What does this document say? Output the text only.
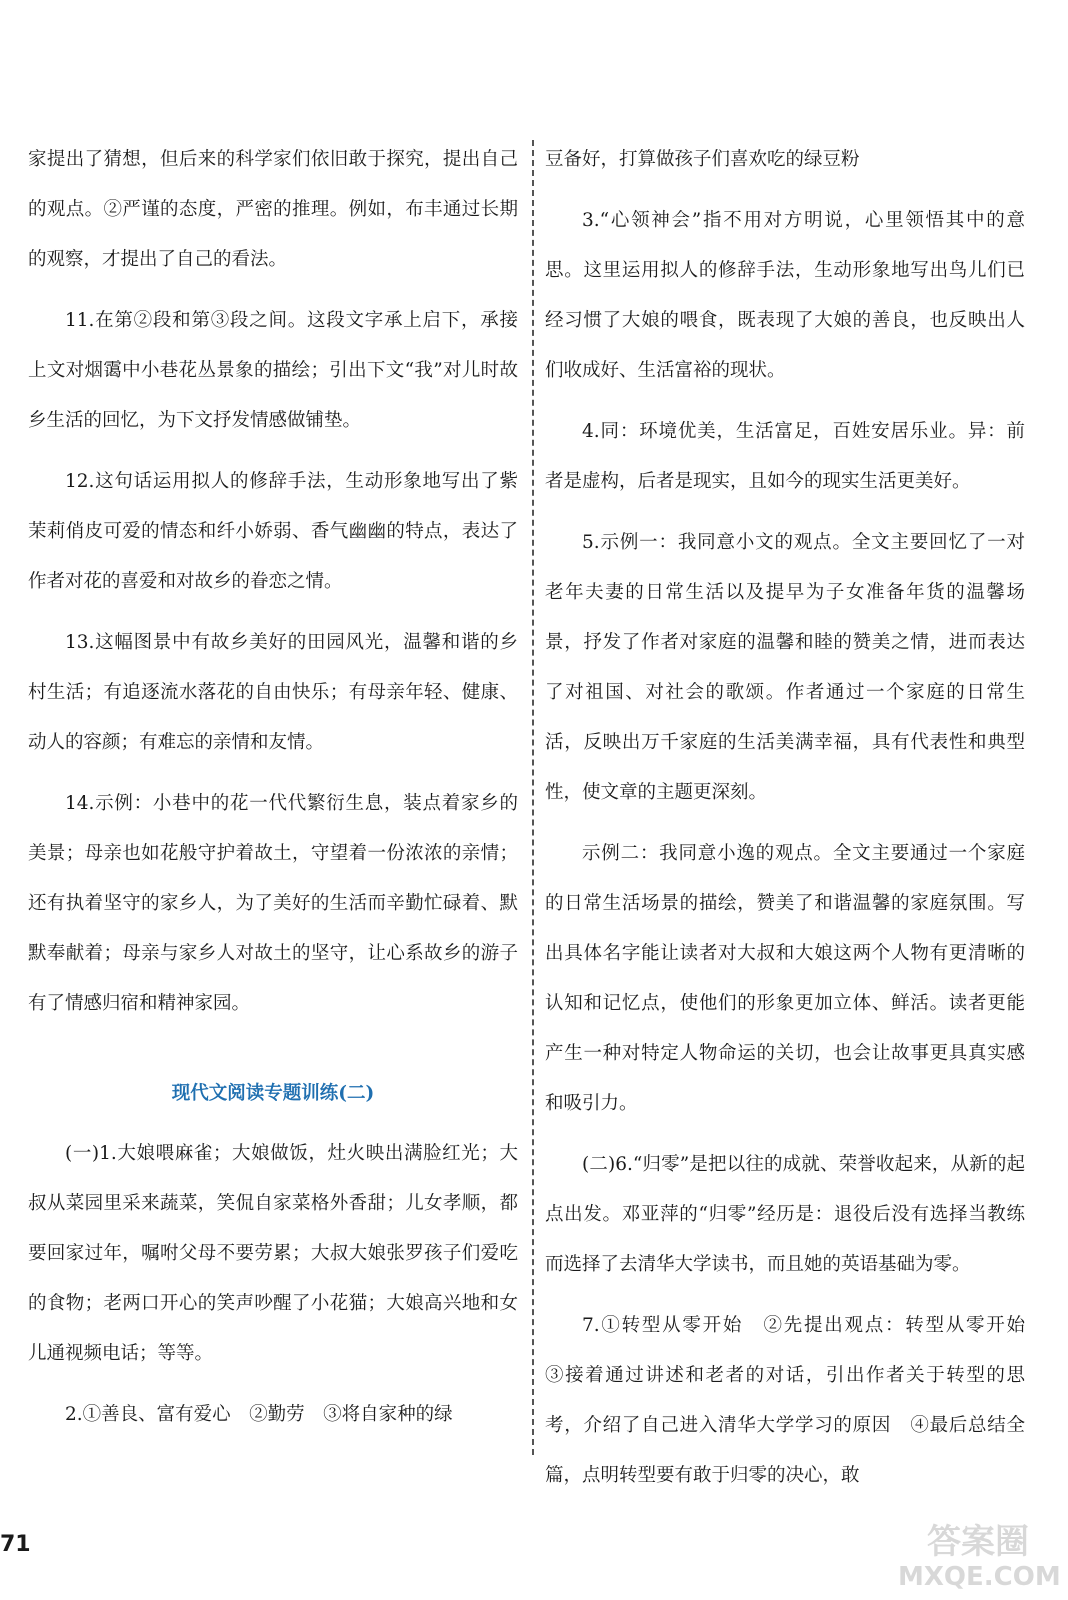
家提出了猜想，但后来的科学家们依旧敢于探究，提出自己的观点。②严谨的态度，严密的推理。例如，布丰通过长期的观察，才提出了自己的看法。

11.在第②段和第③段之间。这段文字承上启下，承接上文对烟霭中小巷花丛景象的描绘；引出下文“我”对儿时故乡生活的回忆，为下文抒发情感做铺垫。

12.这句话运用拟人的修辞手法，生动形象地写出了紫茉莉俏皮可爱的情态和纤小娇弱、香气幽幽的特点，表达了作者对花的喜爱和对故乡的眷恋之情。

13.这幅图景中有故乡美好的田园风光，温馨和谐的乡村生活；有追逐流水落花的自由快乐；有母亲年轻、健康、动人的容颜；有难忘的亲情和友情。

14.示例：小巷中的花一代代繁衍生息，装点着家乡的美景；母亲也如花般守护着故土，守望着一份浓浓的亲情；还有执着坚守的家乡人，为了美好的生活而辛勤忙碌着、默默奉献着；母亲与家乡人对故土的坚守，让心系故乡的游子有了情感归宿和精神家园。

现代文阅读专题训练(二)

(一)1.大娘喂麻雀；大娘做饭，灶火映出满脸红光；大叔从菜园里采来蔬菜，笑侃自家菜格外香甜；儿女孝顺，都要回家过年，嘱咐父母不要劳累；大叔大娘张罗孩子们爱吃的食物；老两口开心的笑声吵醒了小花猫；大娘高兴地和女儿通视频电话；等等。

2.①善良、富有爱心　②勤劳　③将自家种的绿

豆备好，打算做孩子们喜欢吃的绿豆粉

3.“心领神会”指不用对方明说，心里领悟其中的意思。这里运用拟人的修辞手法，生动形象地写出鸟儿们已经习惯了大娘的喂食，既表现了大娘的善良，也反映出人们收成好、生活富裕的现状。

4.同：环境优美，生活富足，百姓安居乐业。异：前者是虚构，后者是现实，且如今的现实生活更美好。

5.示例一：我同意小文的观点。全文主要回忆了一对老年夫妻的日常生活以及提早为子女准备年货的温馨场景，抒发了作者对家庭的温馨和睦的赞美之情，进而表达了对祖国、对社会的歌颂。作者通过一个家庭的日常生活，反映出万千家庭的生活美满幸福，具有代表性和典型性，使文章的主题更深刻。

示例二：我同意小逸的观点。全文主要通过一个家庭的日常生活场景的描绘，赞美了和谐温馨的家庭氛围。写出具体名字能让读者对大叔和大娘这两个人物有更清晰的认知和记忆点，使他们的形象更加立体、鲜活。读者更能产生一种对特定人物命运的关切，也会让故事更具真实感和吸引力。

(二)6.“归零”是把以往的成就、荣誉收起来，从新的起点出发。邓亚萍的“归零”经历是：退役后没有选择当教练而选择了去清华大学读书，而且她的英语基础为零。

7.①转型从零开始　②先提出观点：转型从零开始　③接着通过讲述和老者的对话，引出作者关于转型的思考，介绍了自己进入清华大学学习的原因　④最后总结全篇，点明转型要有敢于归零的决心，敢

71	答案圈
MXQE.COM
